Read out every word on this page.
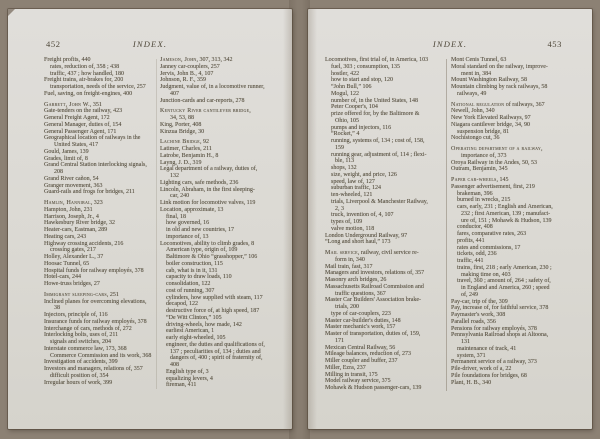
452	INDEX.
Freight profits, 440
rates, reduction of, 358 ; 438
traffic, 437 ; how handled, 180
Freight trains, air-brakes for, 200
transportation, needs of the service, 257
Fuel, saving, on freight-engines, 400
Garrett, John W., 351
Gate-tenders on the railway, 423
General Freight Agent, 172
General Manager, duties of, 154
General Passenger Agent, 171
Geographical location of railways in the
United States, 417
Gould, James, 139
Grades, limit of, 8
Grand Central Station interlocking signals,
208
Grand River cañon, 54
Granger movement, 363
Guard-rails and frogs for bridges, 211
Hamlin, Hannibal, 323
Hampton, John, 231
Harrison, Joseph, Jr., 4
Hawkesbury River bridge, 32
Heater-cars, Eastman, 289
Heating cars, 243
Highway crossing accidents, 216
crossing gates, 217
Holley, Alexander L., 37
Hoosac Tunnel, 65
Hospital funds for railway employés, 378
Hotel-cars, 244
Howe-truss bridges, 27
Immigrant sleeping-cars, 251
Inclined planes for overcoming elevations,
38
Injectors, principle of, 116
Insurance funds for railway employés, 378
Interchange of cars, methods of, 272
Interlocking bolts, uses of, 211
signals and switches, 204
Interstate commerce law, 173, 368
Commerce Commission and its work, 368
Investigation of accidents, 399
Investors and managers, relations of, 357
difficult position of, 354
Irregular hours of work, 399
Jameson, John, 307, 313, 342
Janney car-couplers, 257
Jervis, John B., 4, 107
Johnson, R. F., 359
Judgment, value of, in a locomotive runner,
407
Junction-cards and car-reports, 278
Kentucky River cantilever bridge,
34, 53, 88
King, Porter, 408
Kinzua Bridge, 30
Lachine Bridge, 92
Latimer, Charles, 211
Latrobe, Benjamin H., 8
Layng, J. D., 319
Legal department of a railway, duties of,
132
Lighting cars, safe methods, 236
Lincoln, Abraham, in the first sleeping-
car, 240
Link motion for locomotive valves, 119
Location, approximate, 13
final, 18
how governed, 16
in old and new countries, 17
importance of, 13
Locomotives, ability to climb grades, 8
American type, origin of, 109
Baltimore & Ohio “grasshopper,” 106
boiler construction, 115
cab, what is in it, 131
capacity to draw loads, 110
consolidation, 122
cost of running, 307
cylinders, how supplied with steam, 117
decapod, 122
destructive force of, at high speed, 187
“De Witt Clinton,” 105
driving-wheels, how made, 142
earliest American, 1
early eight-wheeled, 105
engineer, the duties and qualifications of,
137 ; peculiarities of, 134 ; duties and
dangers of, 400 ; spirit of fraternity of,
408
English type of, 3
equalizing levers, 4
fireman, 411
INDEX.	453
Locomotives, first trial of, in America, 103
fuel, 303 ; consumption, 135
hostler, 422
how to start and stop, 120
“John Bull,” 106
Mogul, 122
number of, in the United States, 148
Peter Cooper's, 104
prize offered for, by the Baltimore &
Ohio, 105
pumps and injectors, 116
“Rocket,” 4
running, systems of, 134 ; cost of, 158,
159
running gear, adjustment of, 114 ; flexi-
ble, 113
shops, 132
size, weight, and price, 126
speed, law of, 127
suburban traffic, 124
ten-wheeled, 121
trials, Liverpool & Manchester Railway,
2, 3
truck, invention of, 4, 107
types of, 109
valve motion, 118
London Underground Railway, 97
“Long and short haul,” 173
Mail service, railway, civil service re-
form in, 340
Mail train, fast, 317
Managers and investors, relations of, 357
Masonry arch bridges, 26
Massachusetts Railroad Commission and
traffic questions, 367
Master Car Builders' Association brake-
trials, 200
type of car-couplers, 223
Master car-builder's duties, 148
Master mechanic's work, 157
Master of transportation, duties of, 159,
171
Mexican Central Railway, 56
Mileage balances, reduction of, 273
Miller coupler and buffer, 237
Miller, Ezra, 237
Milling in transit, 175
Model railway service, 375
Mohawk & Hudson passenger-cars, 139
Mont Cenis Tunnel, 63
Moral standard on the railway, improve-
ment in, 384
Mount Washington Railway, 58
Mountain climbing by rack railways, 58
railways, 49
National regulation of railways, 367
Newell, John, 340
New York Elevated Railways, 97
Niagara cantilever bridge, 34, 90
suspension bridge, 81
Nochistongo cut, 36
Operating department of a railway,
importance of, 373
Oroya Railway in the Andes, 50, 53
Outram, Benjamin, 345
Paper car-wheels, 145
Passenger advertisement, first, 219
brakeman, 396
burned in wrecks, 215
cars, early, 231 ; English and American,
232 ; first American, 139 ; manufact-
ure of, 151 ; Mohawk & Hudson, 139
conductor, 408
fares, comparative rates, 263
profits, 441
rates and commissions, 17
tickets, odd, 236
traffic, 441
trains, first, 218 ; early American, 230 ;
making time on, 403
travel, 360 ; amount of, 264 ; safety of,
in England and America, 260 ; speed
of, 249
Pay-car, trip of the, 309
Pay, increase of, for faithful service, 378
Paymaster's work, 308
Parallel roads, 356
Pensions for railway employés, 378
Pennsylvania Railroad shops at Altoona,
131
maintenance of track, 41
system, 371
Permanent service of a railway, 373
Pile-driver, work of a, 22
Pile foundations for bridges, 68
Plant, H. B., 340
